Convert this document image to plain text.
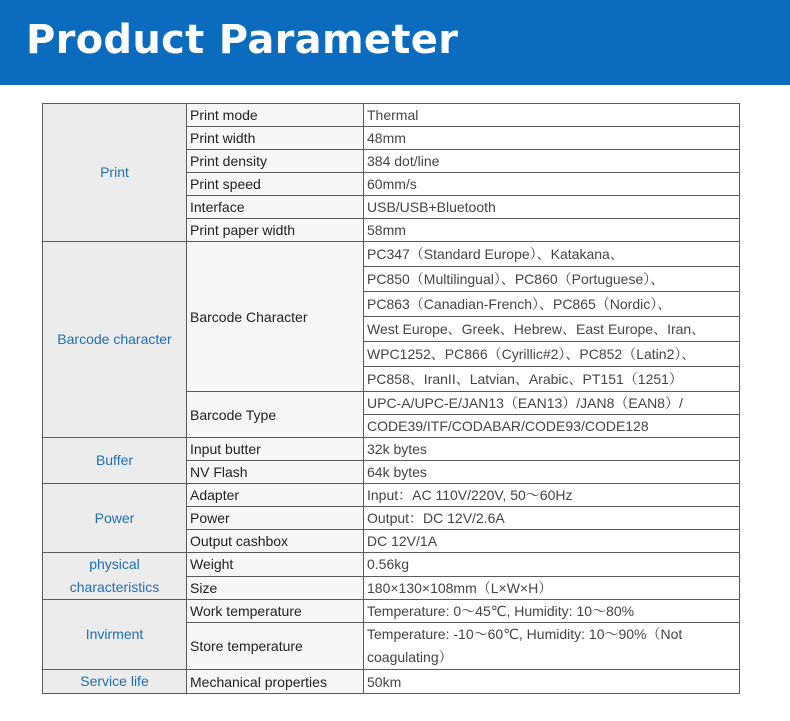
Product Parameter
Print	Print mode	Thermal
	Print width	48mm
	Print density	384 dot/line
	Print speed	60mm/s
	Interface	USB/USB+Bluetooth
	Print paper width	58mm
Barcode character	Barcode Character	PC347（Standard Europe）、Katakana、
		PC850（Multilingual）、PC860（Portuguese）、
		PC863（Canadian-French）、PC865（Nordic）、
		West Europe、Greek、Hebrew、East Europe、Iran、
		WPC1252、PC866（Cyrillic#2）、PC852（Latin2）、
		PC858、IranII、Latvian、Arabic、PT151（1251）
	Barcode Type	UPC-A/UPC-E/JAN13（EAN13）/JAN8（EAN8）/
		CODE39/ITF/CODABAR/CODE93/CODE128
Buffer	Input butter	32k bytes
	NV Flash	64k bytes
Power	Adapter	Input：AC 110V/220V, 50～60Hz
	Power	Output：DC 12V/2.6A
	Output cashbox	DC 12V/1A
physical characteristics	Weight	0.56kg
	Size	180×130×108mm（L×W×H）
Invirment	Work temperature	Temperature: 0～45℃, Humidity: 10～80%
	Store temperature	Temperature: -10～60℃, Humidity: 10～90%（Not coagulating）
Service life	Mechanical properties	50km
